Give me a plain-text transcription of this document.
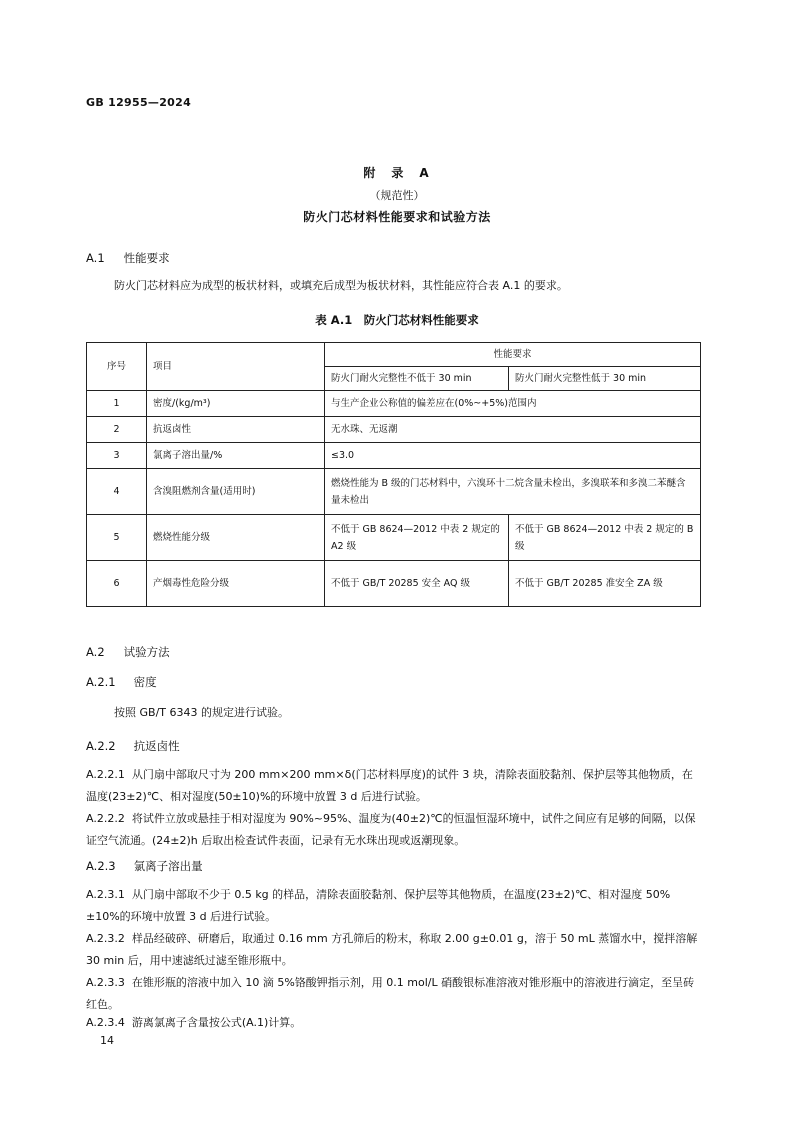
GB 12955—2024
附　录　A
（规范性）
防火门芯材料性能要求和试验方法
A.1 性能要求
防火门芯材料应为成型的板状材料，或填充后成型为板状材料，其性能应符合表 A.1 的要求。
表 A.1　防火门芯材料性能要求
序号	项目	性能要求	
		防火门耐火完整性不低于 30 min	防火门耐火完整性低于 30 min
1	密度/(kg/m³)	与生产企业公称值的偏差应在(0%~+5%)范围内	
2	抗返卤性	无水珠、无返潮	
3	氯离子溶出量/%	≤3.0	
4	含溴阻燃剂含量(适用时)	燃烧性能为 B 级的门芯材料中，六溴环十二烷含量未检出，多溴联苯和多溴二苯醚含量未检出	
5	燃烧性能分级	不低于 GB 8624—2012 中表 2 规定的 A2 级	不低于 GB 8624—2012 中表 2 规定的 B 级
6	产烟毒性危险分级	不低于 GB/T 20285 安全 AQ 级	不低于 GB/T 20285 准安全 ZA 级
A.2 试验方法
A.2.1 密度
按照 GB/T 6343 的规定进行试验。
A.2.2 抗返卤性
A.2.2.1 从门扇中部取尺寸为 200 mm×200 mm×δ(门芯材料厚度)的试件 3 块，清除表面胶黏剂、保护层等其他物质，在温度(23±2)℃、相对湿度(50±10)%的环境中放置 3 d 后进行试验。
A.2.2.2 将试件立放或悬挂于相对湿度为 90%~95%、温度为(40±2)℃的恒温恒湿环境中，试件之间应有足够的间隔，以保证空气流通。(24±2)h 后取出检查试件表面，记录有无水珠出现或返潮现象。
A.2.3 氯离子溶出量
A.2.3.1 从门扇中部取不少于 0.5 kg 的样品，清除表面胶黏剂、保护层等其他物质，在温度(23±2)℃、相对湿度 50%±10%的环境中放置 3 d 后进行试验。
A.2.3.2 样品经破碎、研磨后，取通过 0.16 mm 方孔筛后的粉末，称取 2.00 g±0.01 g，溶于 50 mL 蒸馏水中，搅拌溶解 30 min 后，用中速滤纸过滤至锥形瓶中。
A.2.3.3 在锥形瓶的溶液中加入 10 滴 5%铬酸钾指示剂，用 0.1 mol/L 硝酸银标准溶液对锥形瓶中的溶液进行滴定，至呈砖红色。
A.2.3.4 游离氯离子含量按公式(A.1)计算。
14
